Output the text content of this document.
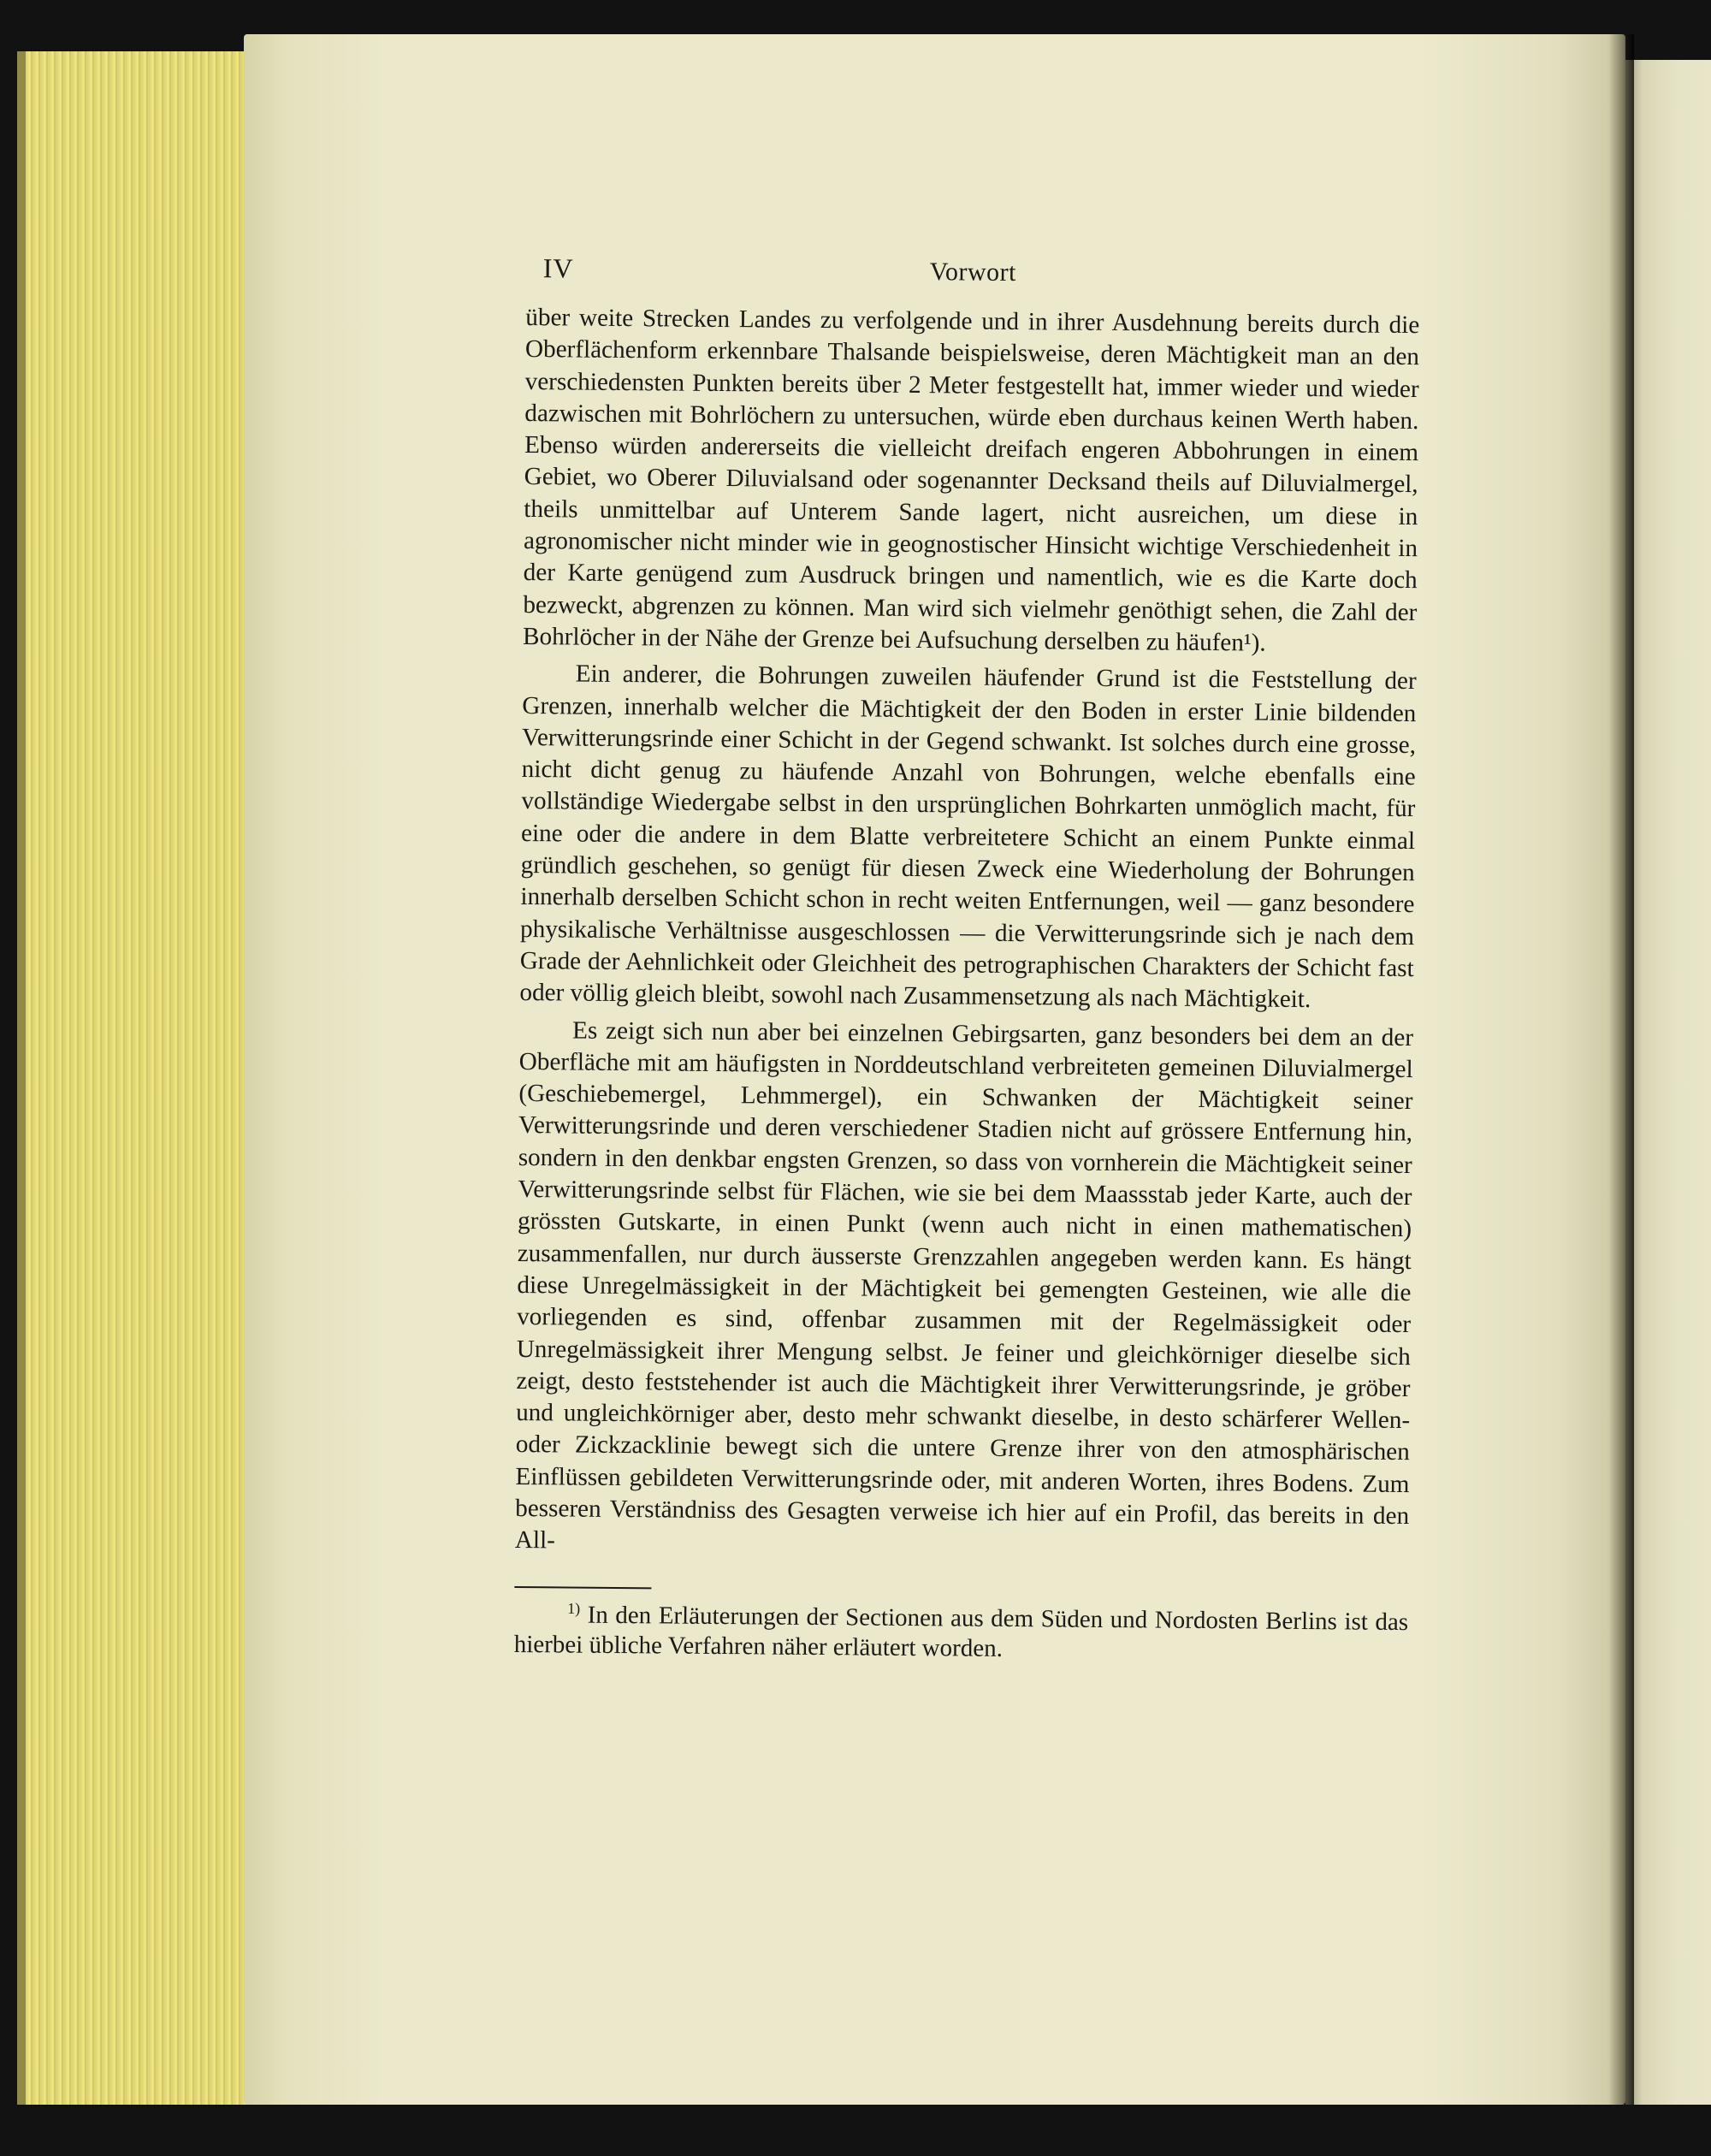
IV	Vorwort

über weite Strecken Landes zu verfolgende und in ihrer Ausdehnung bereits durch die Oberflächenform erkennbare Thalsande beispielsweise, deren Mächtigkeit man an den verschiedensten Punkten bereits über 2 Meter festgestellt hat, immer wieder und wieder dazwischen mit Bohrlöchern zu untersuchen, würde eben durchaus keinen Werth haben. Ebenso würden andererseits die vielleicht dreifach engeren Abbohrungen in einem Gebiet, wo Oberer Diluvialsand oder sogenannter Decksand theils auf Diluvialmergel, theils unmittelbar auf Unterem Sande lagert, nicht ausreichen, um diese in agronomischer nicht minder wie in geognostischer Hinsicht wichtige Verschiedenheit in der Karte genügend zum Ausdruck bringen und namentlich, wie es die Karte doch bezweckt, abgrenzen zu können. Man wird sich vielmehr genöthigt sehen, die Zahl der Bohrlöcher in der Nähe der Grenze bei Aufsuchung derselben zu häufen¹).

Ein anderer, die Bohrungen zuweilen häufender Grund ist die Feststellung der Grenzen, innerhalb welcher die Mächtigkeit der den Boden in erster Linie bildenden Verwitterungsrinde einer Schicht in der Gegend schwankt. Ist solches durch eine grosse, nicht dicht genug zu häufende Anzahl von Bohrungen, welche ebenfalls eine vollständige Wiedergabe selbst in den ursprünglichen Bohrkarten unmöglich macht, für eine oder die andere in dem Blatte verbreitetere Schicht an einem Punkte einmal gründlich geschehen, so genügt für diesen Zweck eine Wiederholung der Bohrungen innerhalb derselben Schicht schon in recht weiten Entfernungen, weil — ganz besondere physikalische Verhältnisse ausgeschlossen — die Verwitterungsrinde sich je nach dem Grade der Aehnlichkeit oder Gleichheit des petrographischen Charakters der Schicht fast oder völlig gleich bleibt, sowohl nach Zusammensetzung als nach Mächtigkeit.

Es zeigt sich nun aber bei einzelnen Gebirgsarten, ganz besonders bei dem an der Oberfläche mit am häufigsten in Norddeutschland verbreiteten gemeinen Diluvialmergel (Geschiebemergel, Lehmmergel), ein Schwanken der Mächtigkeit seiner Verwitterungsrinde und deren verschiedener Stadien nicht auf grössere Entfernung hin, sondern in den denkbar engsten Grenzen, so dass von vornherein die Mächtigkeit seiner Verwitterungsrinde selbst für Flächen, wie sie bei dem Maassstab jeder Karte, auch der grössten Gutskarte, in einen Punkt (wenn auch nicht in einen mathematischen) zusammenfallen, nur durch äusserste Grenzzahlen angegeben werden kann. Es hängt diese Unregelmässigkeit in der Mächtigkeit bei gemengten Gesteinen, wie alle die vorliegenden es sind, offenbar zusammen mit der Regelmässigkeit oder Unregelmässigkeit ihrer Mengung selbst. Je feiner und gleichkörniger dieselbe sich zeigt, desto feststehender ist auch die Mächtigkeit ihrer Verwitterungsrinde, je gröber und ungleichkörniger aber, desto mehr schwankt dieselbe, in desto schärferer Wellen- oder Zickzacklinie bewegt sich die untere Grenze ihrer von den atmosphärischen Einflüssen gebildeten Verwitterungsrinde oder, mit anderen Worten, ihres Bodens. Zum besseren Verständniss des Gesagten verweise ich hier auf ein Profil, das bereits in den All-

$^{1)}$ In den Erläuterungen der Sectionen aus dem Süden und Nordosten Berlins ist das hierbei übliche Verfahren näher erläutert worden.
